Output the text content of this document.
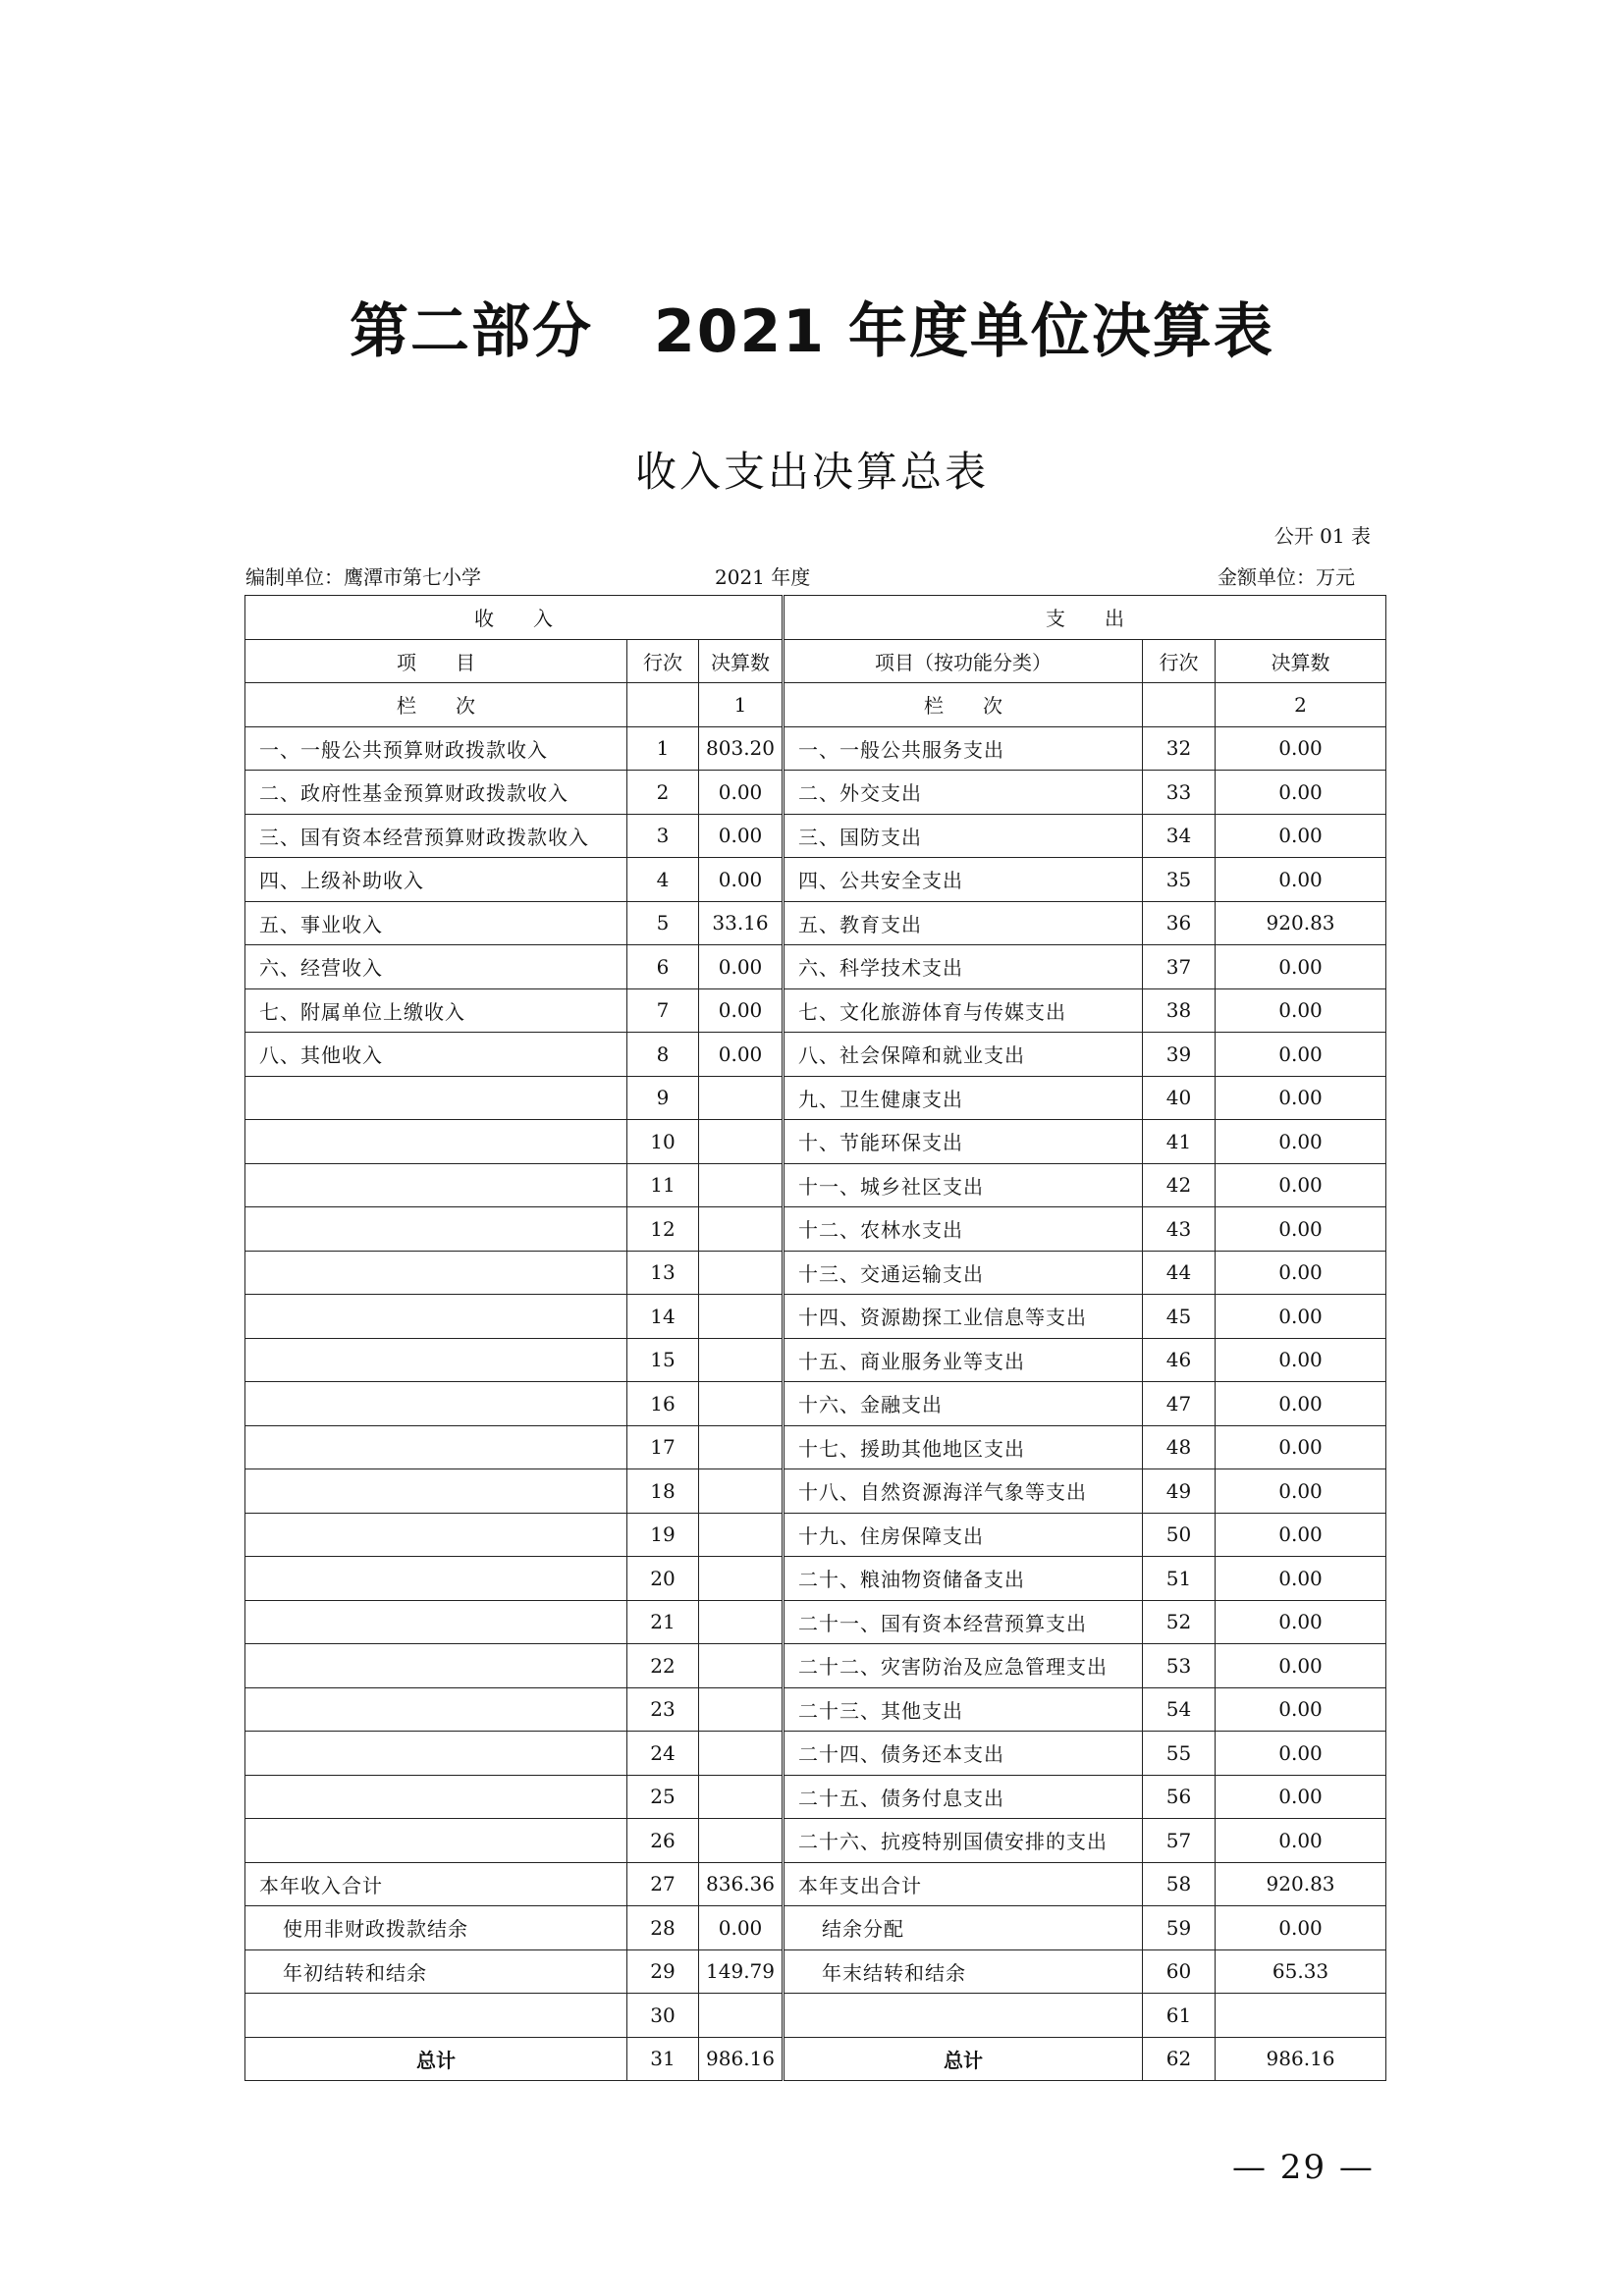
第二部分　2021 年度单位决算表
收入支出决算总表
公开 01 表
编制单位：鹰潭市第七小学	2021 年度	金额单位：万元
收　　入			支　　出		
项　　目	行次	决算数	项目（按功能分类）	行次	决算数
栏　　次		1	栏　　次		2
一、一般公共预算财政拨款收入	1	803.20	一、一般公共服务支出	32	0.00
二、政府性基金预算财政拨款收入	2	0.00	二、外交支出	33	0.00
三、国有资本经营预算财政拨款收入	3	0.00	三、国防支出	34	0.00
四、上级补助收入	4	0.00	四、公共安全支出	35	0.00
五、事业收入	5	33.16	五、教育支出	36	920.83
六、经营收入	6	0.00	六、科学技术支出	37	0.00
七、附属单位上缴收入	7	0.00	七、文化旅游体育与传媒支出	38	0.00
八、其他收入	8	0.00	八、社会保障和就业支出	39	0.00
	9		九、卫生健康支出	40	0.00
	10		十、节能环保支出	41	0.00
	11		十一、城乡社区支出	42	0.00
	12		十二、农林水支出	43	0.00
	13		十三、交通运输支出	44	0.00
	14		十四、资源勘探工业信息等支出	45	0.00
	15		十五、商业服务业等支出	46	0.00
	16		十六、金融支出	47	0.00
	17		十七、援助其他地区支出	48	0.00
	18		十八、自然资源海洋气象等支出	49	0.00
	19		十九、住房保障支出	50	0.00
	20		二十、粮油物资储备支出	51	0.00
	21		二十一、国有资本经营预算支出	52	0.00
	22		二十二、灾害防治及应急管理支出	53	0.00
	23		二十三、其他支出	54	0.00
	24		二十四、债务还本支出	55	0.00
	25		二十五、债务付息支出	56	0.00
	26		二十六、抗疫特别国债安排的支出	57	0.00
本年收入合计	27	836.36	本年支出合计	58	920.83
使用非财政拨款结余	28	0.00	结余分配	59	0.00
年初结转和结余	29	149.79	年末结转和结余	60	65.33
	30			61	
总计	31	986.16	总计	62	986.16
— 29 —
